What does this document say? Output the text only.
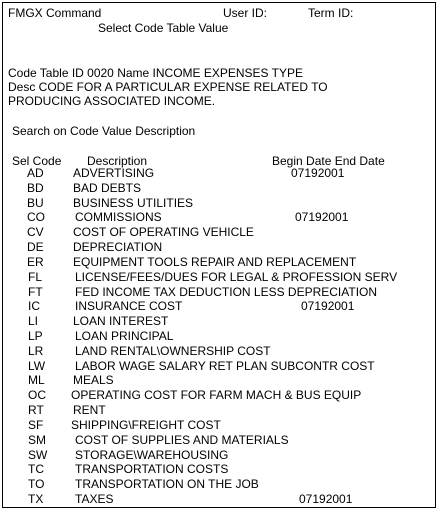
FMGX Command	User ID:	Term ID:
Select Code Table Value
Code Table ID 0020 Name INCOME EXPENSES TYPE
Desc CODE FOR A PARTICULAR EXPENSE RELATED TO
PRODUCING ASSOCIATED INCOME.
Search on Code Value Description
Sel Code Description	Begin Date End Date
AD ADVERTISING	07192001
BD BAD DEBTS
BU BUSINESS UTILITIES
CO	COMMISSIONS	07192001
CV COST OF OPERATING VEHICLE
DE DEPRECIATION
ER EQUIPMENT TOOLS REPAIR AND REPLACEMENT
FL	LICENSE/FEES/DUES FOR LEGAL & PROFESSION SERV
FT	FED INCOME TAX DEDUCTION LESS DEPRECIATION
IC	INSURANCE COST	07192001
LI	LOAN INTEREST
LP	LOAN PRINCIPAL
LR	LAND RENTAL\OWNERSHIP COST
LW LABOR WAGE SALARY RET PLAN SUBCONTR COST
ML MEALS
OC OPERATING COST FOR FARM MACH & BUS EQUIP
RT RENT
SF SHIPPING\FREIGHT COST
SM COST OF SUPPLIES AND MATERIALS
SW STORAGE\WAREHOUSING
TC	TRANSPORTATION COSTS
TO	TRANSPORTATION ON THE JOB
TX	TAXES	07192001
